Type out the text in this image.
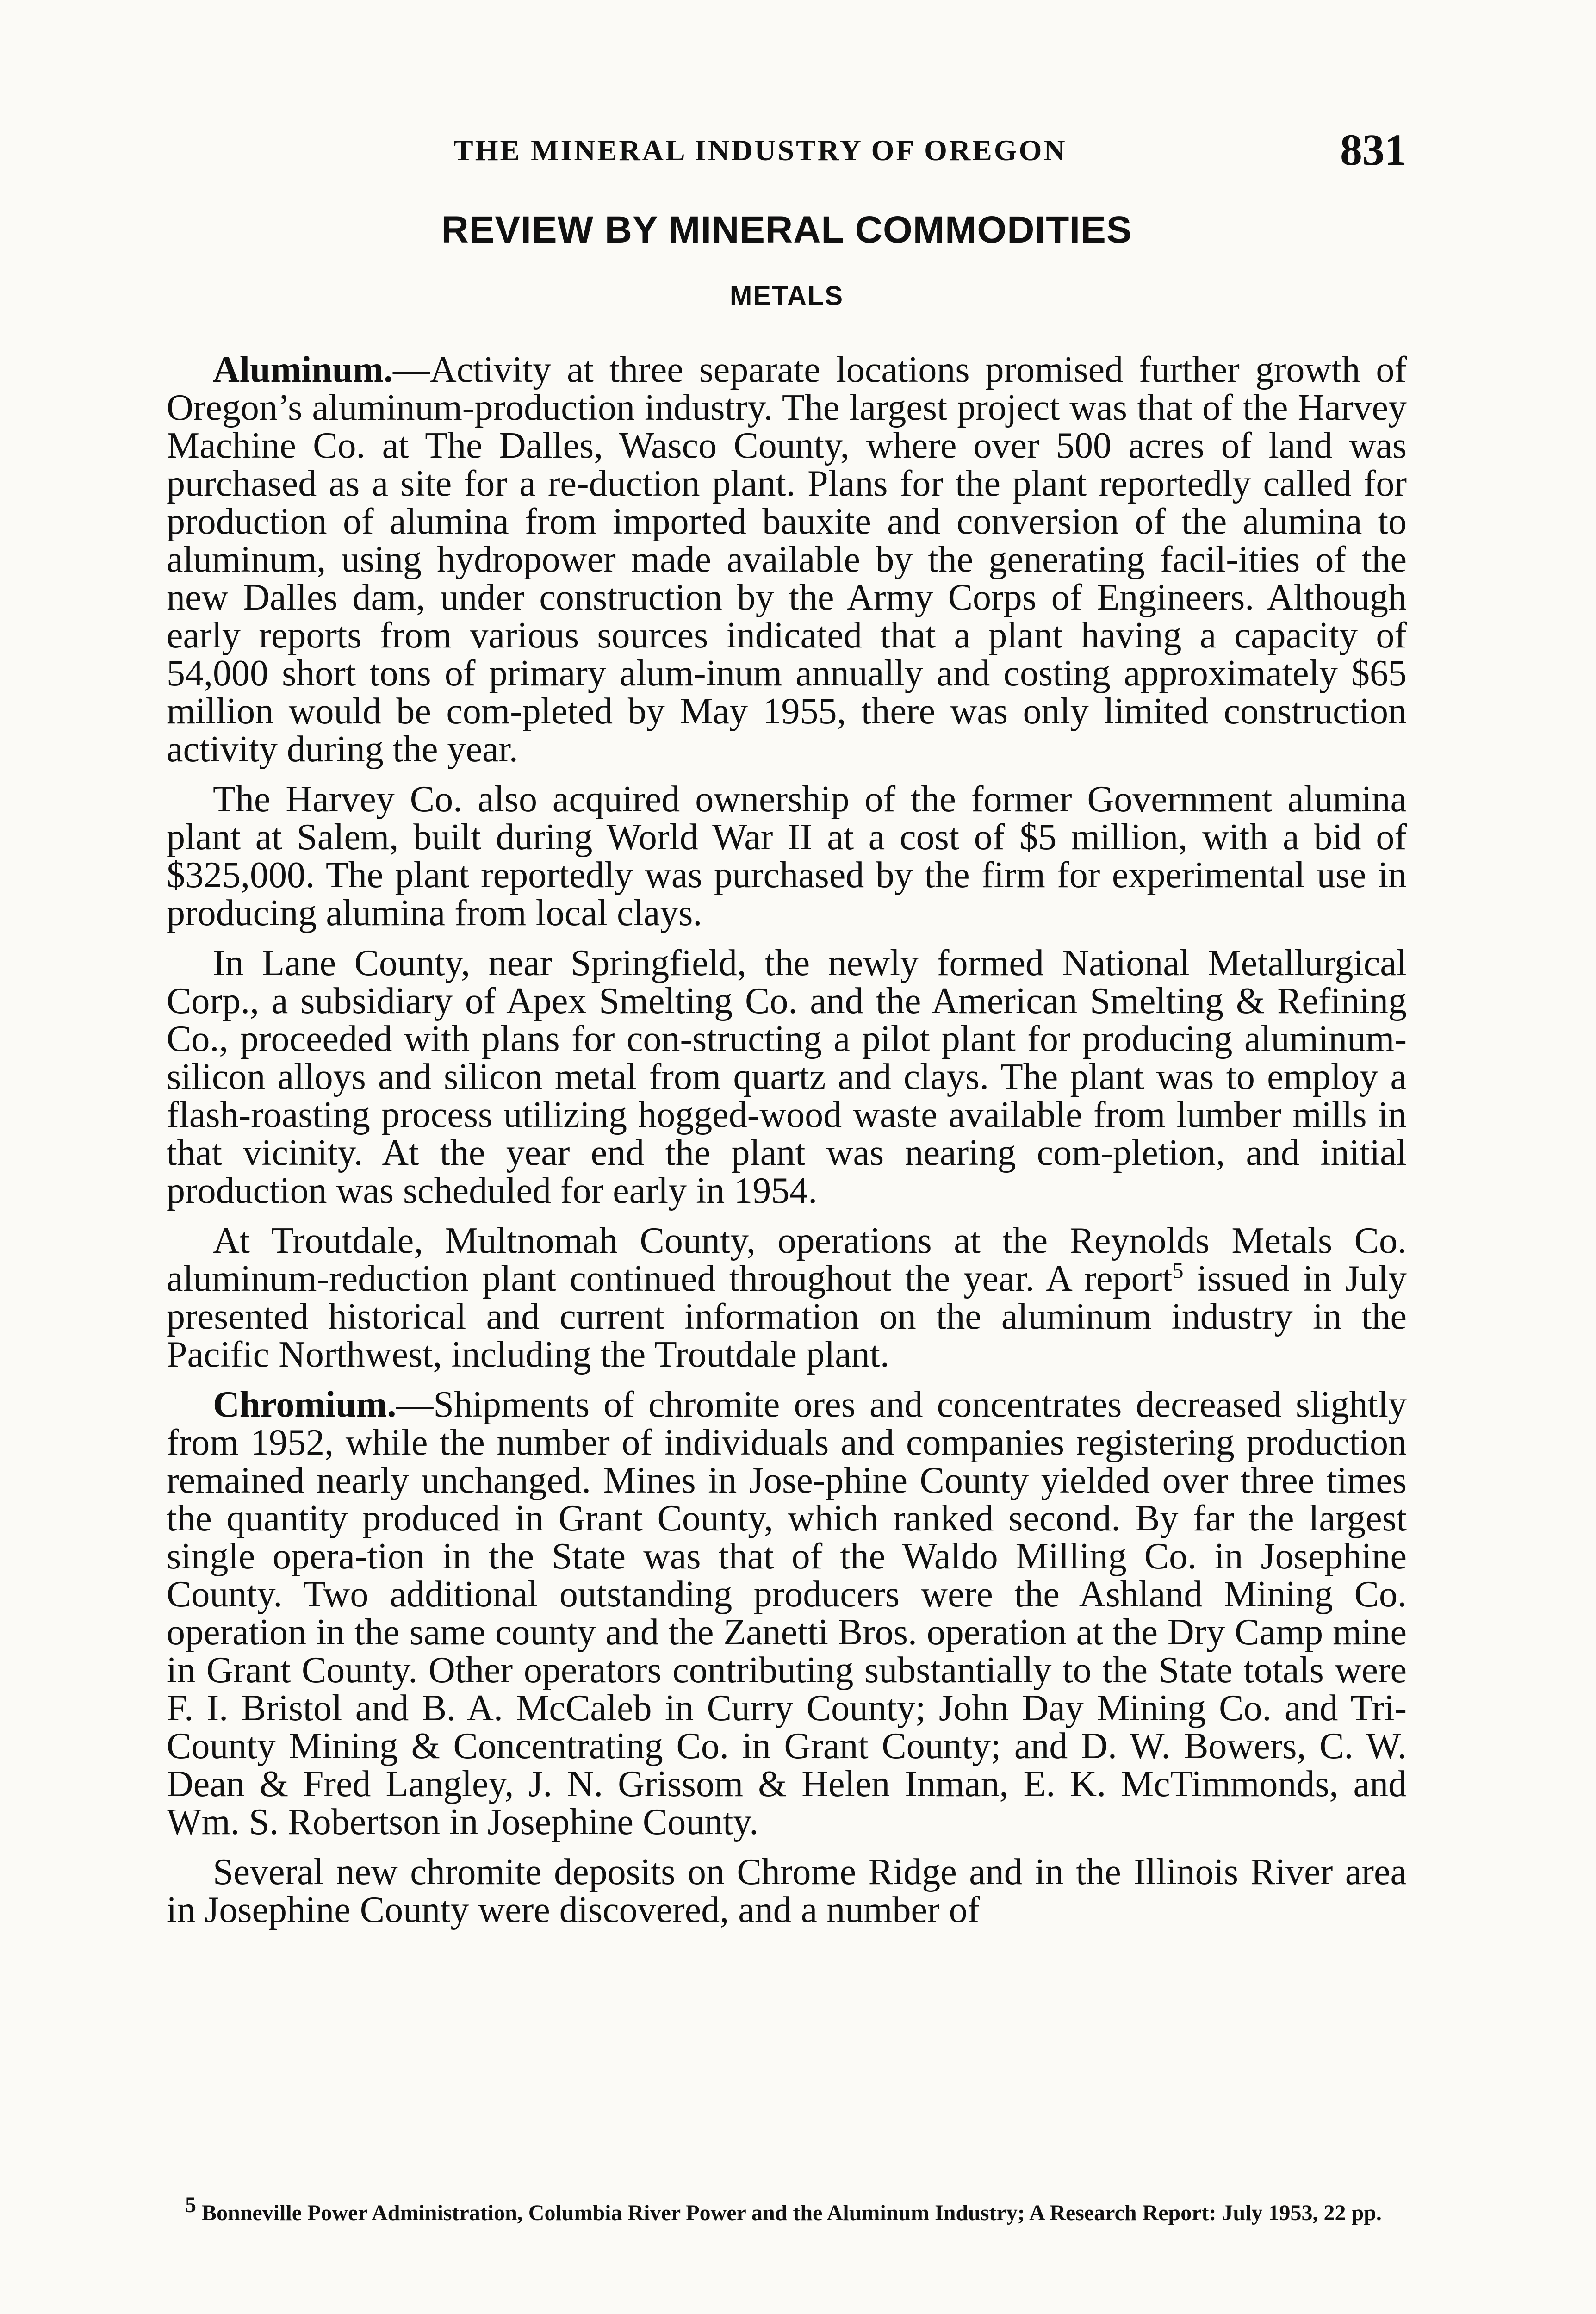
THE MINERAL INDUSTRY OF OREGON	831
REVIEW BY MINERAL COMMODITIES
METALS

Aluminum.—Activity at three separate locations promised further growth of Oregon’s aluminum-production industry. The largest project was that of the Harvey Machine Co. at The Dalles, Wasco County, where over 500 acres of land was purchased as a site for a re-duction plant. Plans for the plant reportedly called for production of alumina from imported bauxite and conversion of the alumina to aluminum, using hydropower made available by the generating facil-ities of the new Dalles dam, under construction by the Army Corps of Engineers. Although early reports from various sources indicated that a plant having a capacity of 54,000 short tons of primary alum-inum annually and costing approximately $65 million would be com-pleted by May 1955, there was only limited construction activity during the year.

The Harvey Co. also acquired ownership of the former Government alumina plant at Salem, built during World War II at a cost of $5 million, with a bid of $325,000. The plant reportedly was purchased by the firm for experimental use in producing alumina from local clays.

In Lane County, near Springfield, the newly formed National Metallurgical Corp., a subsidiary of Apex Smelting Co. and the American Smelting & Refining Co., proceeded with plans for con-structing a pilot plant for producing aluminum-silicon alloys and silicon metal from quartz and clays. The plant was to employ a flash-roasting process utilizing hogged-wood waste available from lumber mills in that vicinity. At the year end the plant was nearing com-pletion, and initial production was scheduled for early in 1954.

At Troutdale, Multnomah County, operations at the Reynolds Metals Co. aluminum-reduction plant continued throughout the year. A report$^5$ issued in July presented historical and current information on the aluminum industry in the Pacific Northwest, including the Troutdale plant.

Chromium.—Shipments of chromite ores and concentrates decreased slightly from 1952, while the number of individuals and companies registering production remained nearly unchanged. Mines in Jose-phine County yielded over three times the quantity produced in Grant County, which ranked second. By far the largest single opera-tion in the State was that of the Waldo Milling Co. in Josephine County. Two additional outstanding producers were the Ashland Mining Co. operation in the same county and the Zanetti Bros. operation at the Dry Camp mine in Grant County. Other operators contributing substantially to the State totals were F. I. Bristol and B. A. McCaleb in Curry County; John Day Mining Co. and Tri-County Mining & Concentrating Co. in Grant County; and D. W. Bowers, C. W. Dean & Fred Langley, J. N. Grissom & Helen Inman, E. K. McTimmonds, and Wm. S. Robertson in Josephine County.

Several new chromite deposits on Chrome Ridge and in the Illinois River area in Josephine County were discovered, and a number of

$^5$ Bonneville Power Administration, Columbia River Power and the Aluminum Industry; A Research Report: July 1953, 22 pp.
